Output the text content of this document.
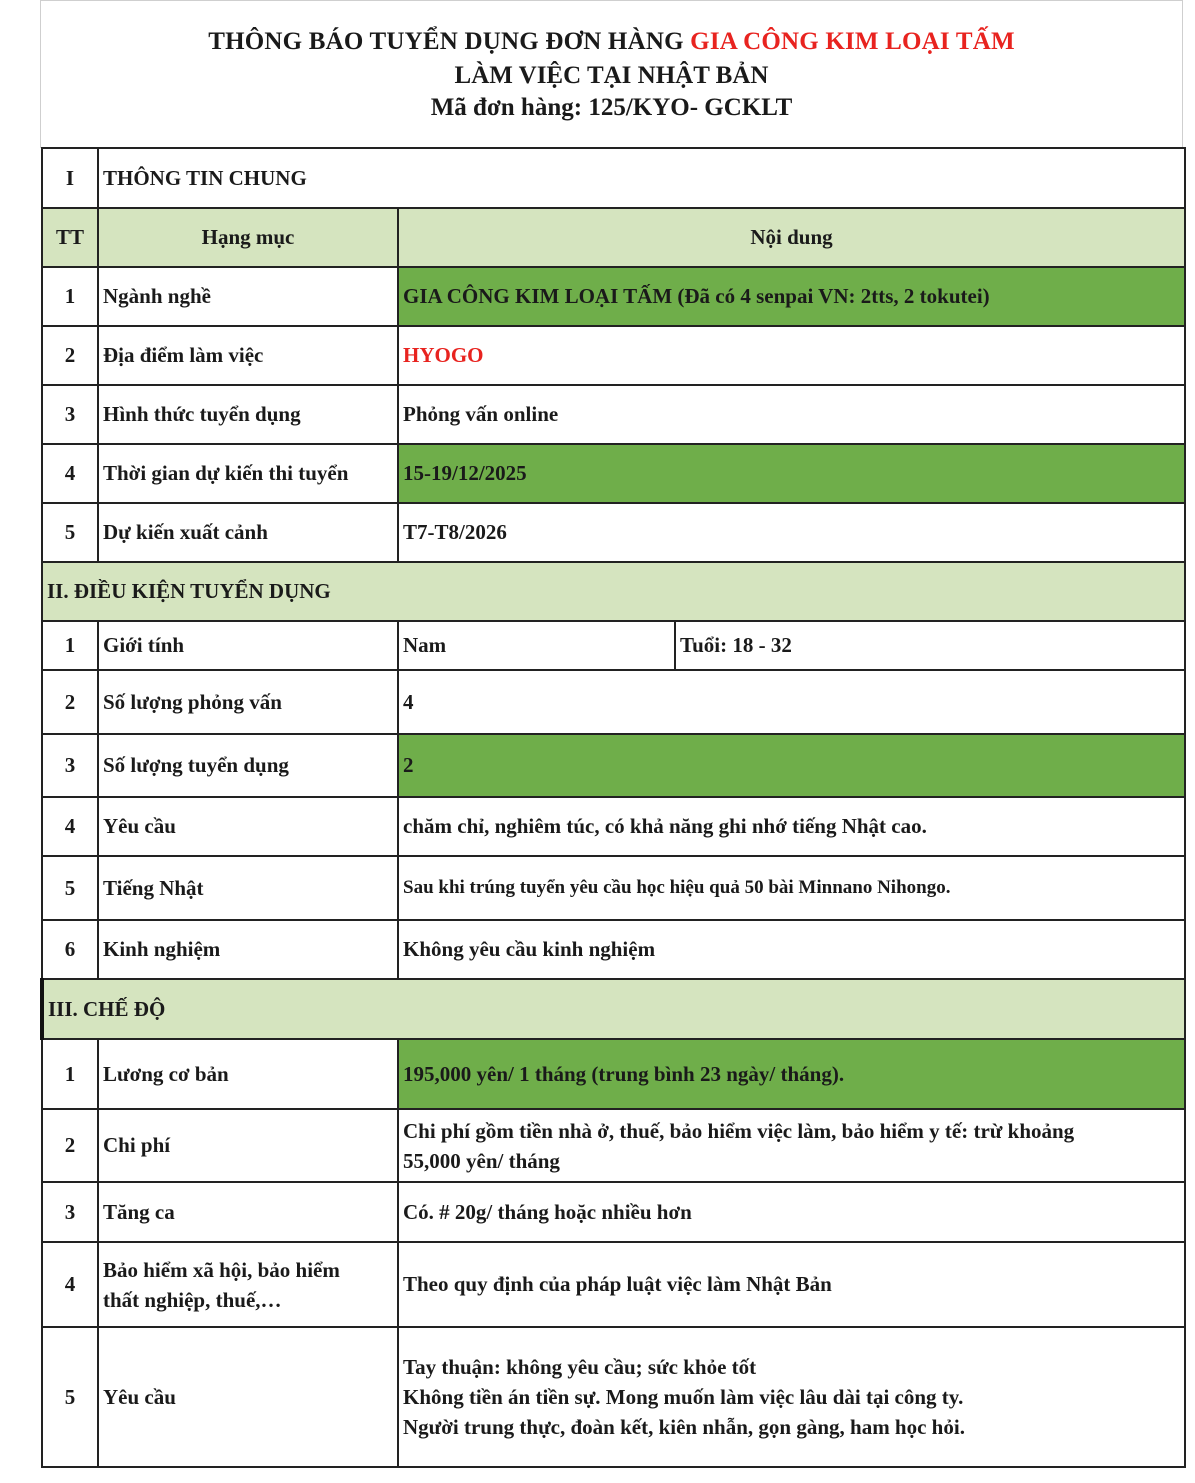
THÔNG BÁO TUYỂN DỤNG ĐƠN HÀNG GIA CÔNG KIM LOẠI TẤM
LÀM VIỆC TẠI NHẬT BẢN
Mã đơn hàng: 125/KYO- GCKLT
I	THÔNG TIN CHUNG		
TT	Hạng mục	Nội dung	
1	Ngành nghề	GIA CÔNG KIM LOẠI TẤM (Đã có 4 senpai VN: 2tts, 2 tokutei)	
2	Địa điểm làm việc	HYOGO	
3	Hình thức tuyển dụng	Phỏng vấn online	
4	Thời gian dự kiến thi tuyển	15-19/12/2025	
5	Dự kiến xuất cảnh	T7-T8/2026	
II. ĐIỀU KIỆN TUYỂN DỤNG			
1	Giới tính	Nam	Tuổi: 18 - 32
2	Số lượng phỏng vấn	4	
3	Số lượng tuyển dụng	2	
4	Yêu cầu	chăm chỉ, nghiêm túc, có khả năng ghi nhớ tiếng Nhật cao.	
5	Tiếng Nhật	Sau khi trúng tuyển yêu cầu học hiệu quả 50 bài Minnano Nihongo.	
6	Kinh nghiệm	Không yêu cầu kinh nghiệm	
III. CHẾ ĐỘ			
1	Lương cơ bản	195,000 yên/ 1 tháng (trung bình 23 ngày/ tháng).	
2	Chi phí	Chi phí gồm tiền nhà ở, thuế, bảo hiểm việc làm, bảo hiểm y tế: trừ khoảng
55,000 yên/ tháng	

3	Tăng ca	Có. # 20g/ tháng hoặc nhiều hơn	
4	Bảo hiểm xã hội, bảo hiểm
thất nghiệp, thuế,…	Theo quy định của pháp luật việc làm Nhật Bản	
5	Yêu cầu	Tay thuận: không yêu cầu; sức khỏe tốt
Không tiền án tiền sự. Mong muốn làm việc lâu dài tại công ty.
Người trung thực, đoàn kết, kiên nhẫn, gọn gàng, ham học hỏi.	
